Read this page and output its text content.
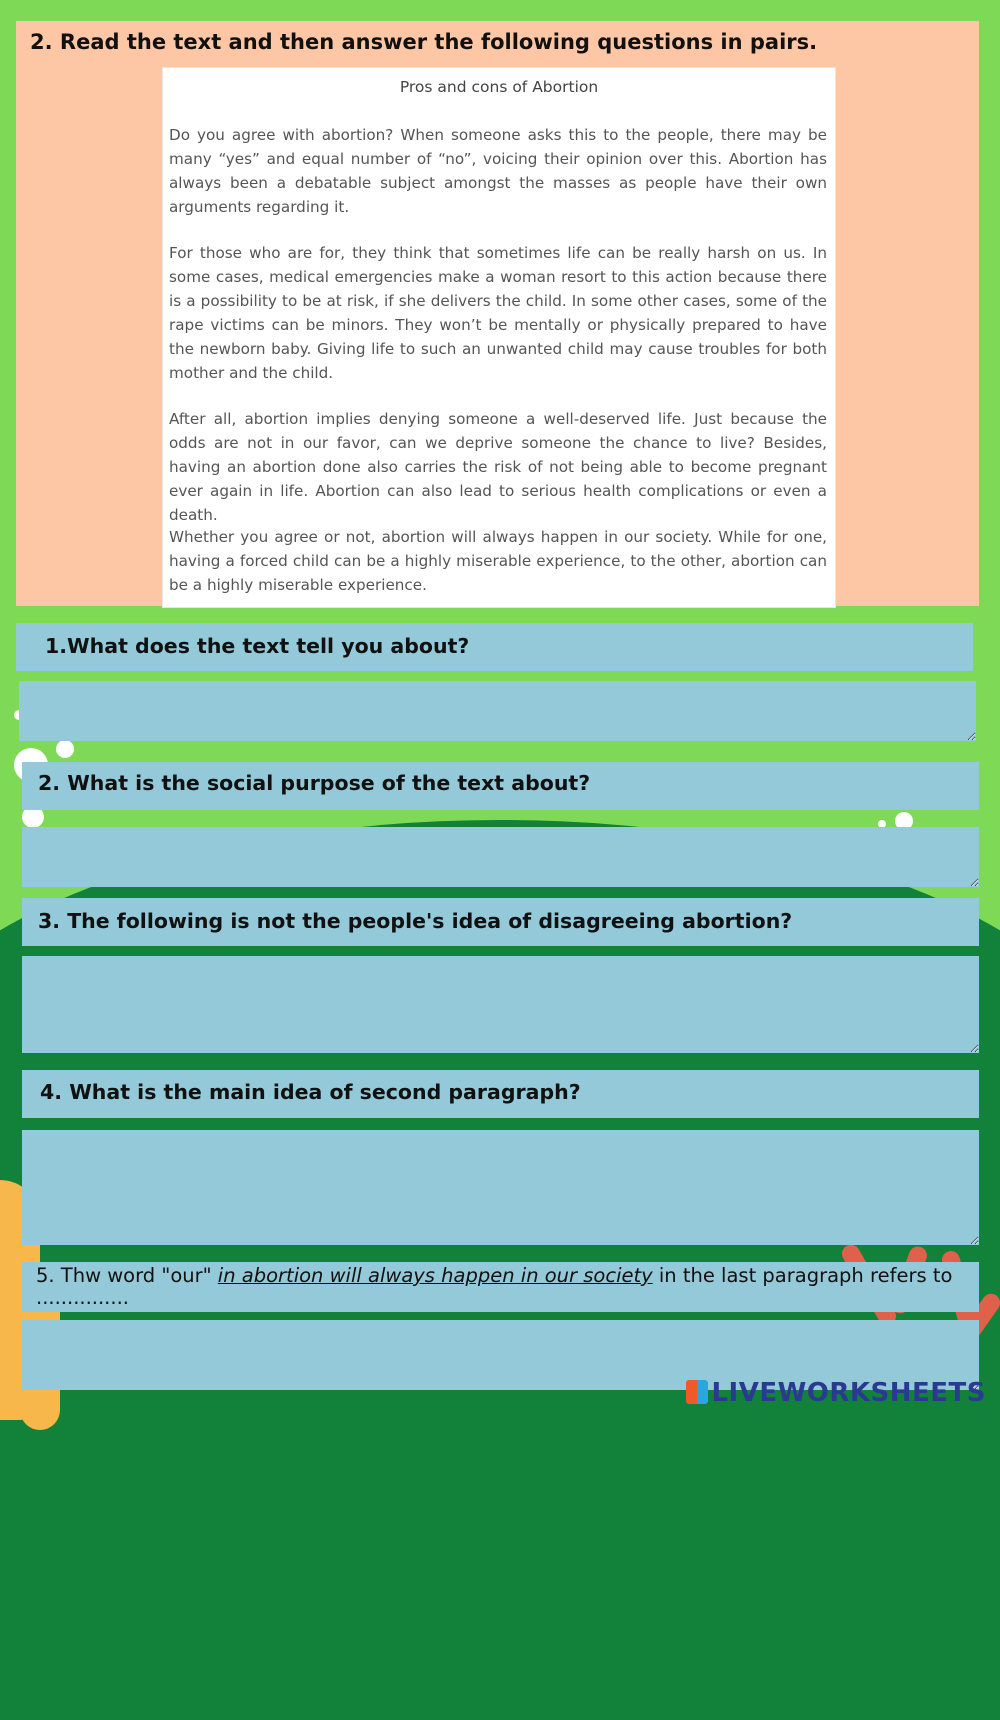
2. Read the text and then answer the following questions in pairs.
Pros and cons of Abortion

Do you agree with abortion? When someone asks this to the people, there may be many “yes” and equal number of “no”, voicing their opinion over this. Abortion has always been a debatable subject amongst the masses as people have their own arguments regarding it.

For those who are for, they think that sometimes life can be really harsh on us. In some cases, medical emergencies make a woman resort to this action because there is a possibility to be at risk, if she delivers the child. In some other cases, some of the rape victims can be minors. They won’t be mentally or physically prepared to have the newborn baby. Giving life to such an unwanted child may cause troubles for both mother and the child.

After all, abortion implies denying someone a well-deserved life. Just because the odds are not in our favor, can we deprive someone the chance to live? Besides, having an abortion done also carries the risk of not being able to become pregnant ever again in life. Abortion can also lead to serious health complications or even a death.

Whether you agree or not, abortion will always happen in our society. While for one, having a forced child can be a highly miserable experience, to the other, abortion can be a highly miserable experience.

1.What does the text tell you about?

2. What is the social purpose of the text about?

3. The following is not the people's idea of disagreeing abortion?

4. What is the main idea of second paragraph?

5. Thw word "our" in abortion will always happen in our society in the last paragraph refers to ...............

LIVEWORKSHEETS
